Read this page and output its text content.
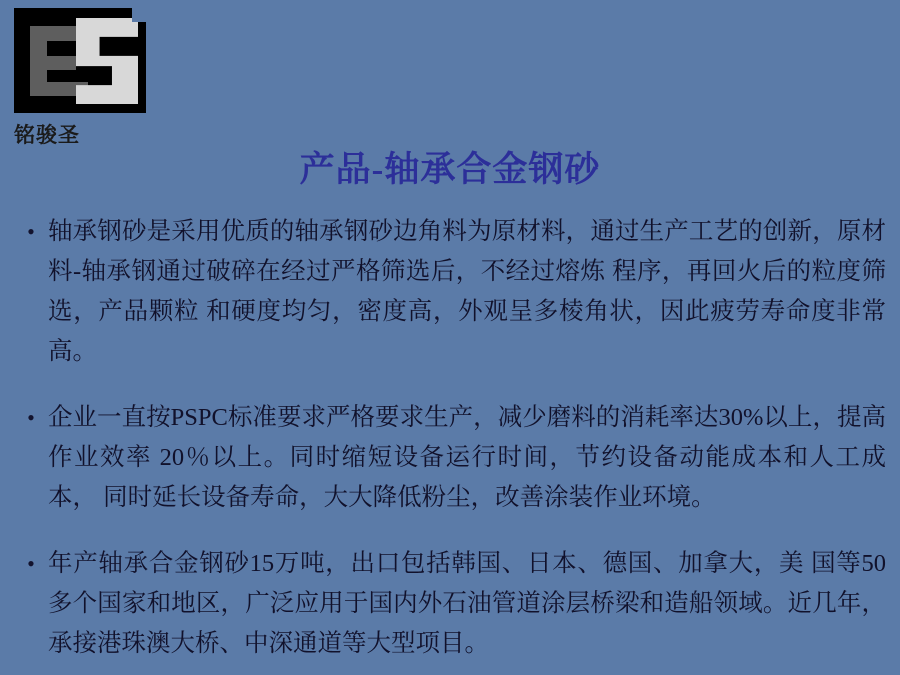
铭骏圣
产品-轴承合金钢砂
• 轴承钢砂是采用优质的轴承钢砂边角料为原材料，通过生产工艺的创新，原材料-轴承钢通过破碎在经过严格筛选后，不经过熔炼 程序，再回火后的粒度筛选，产品颗粒 和硬度均匀，密度高，外观呈多棱角状，因此疲劳寿命度非常高。
• 企业一直按PSPC标准要求严格要求生产，减少磨料的消耗率达30%以上，提高作业效率 20％以上。同时缩短设备运行时间，节约设备动能成本和人工成本， 同时延长设备寿命，大大降低粉尘，改善涂装作业环境。
• 年产轴承合金钢砂15万吨，出口包括韩国、日本、德国、加拿大，美 国等50多个国家和地区，广泛应用于国内外石油管道涂层桥梁和造船领域。近几年，承接港珠澳大桥、中深通道等大型项目。
